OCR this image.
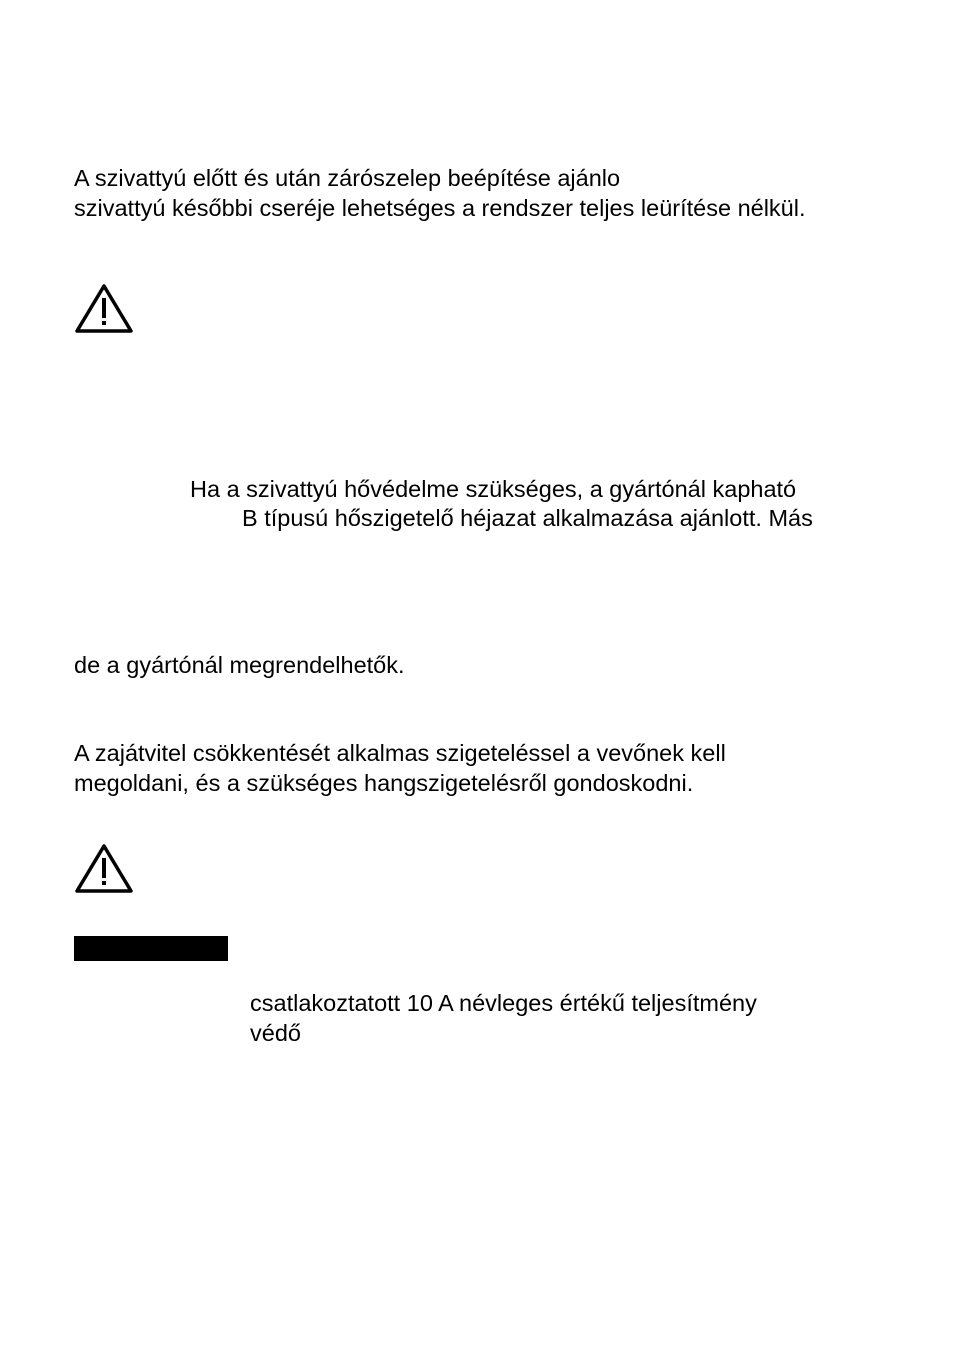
A szivattyú előtt és után zárószelep beépítése ajánlo
szivattyú későbbi cseréje lehetséges a rendszer teljes leürítése nélkül.
Ha a szivattyú hővédelme szükséges, a gyártónál kapható
B típusú hőszigetelő héjazat alkalmazása ajánlott. Más
de a gyártónál megrendelhetők.
A zajátvitel csökkentését alkalmas szigeteléssel a vevőnek kell
megoldani, és a szükséges hangszigetelésről gondoskodni.
csatlakoztatott 10 A névleges értékű teljesítmény
védő
